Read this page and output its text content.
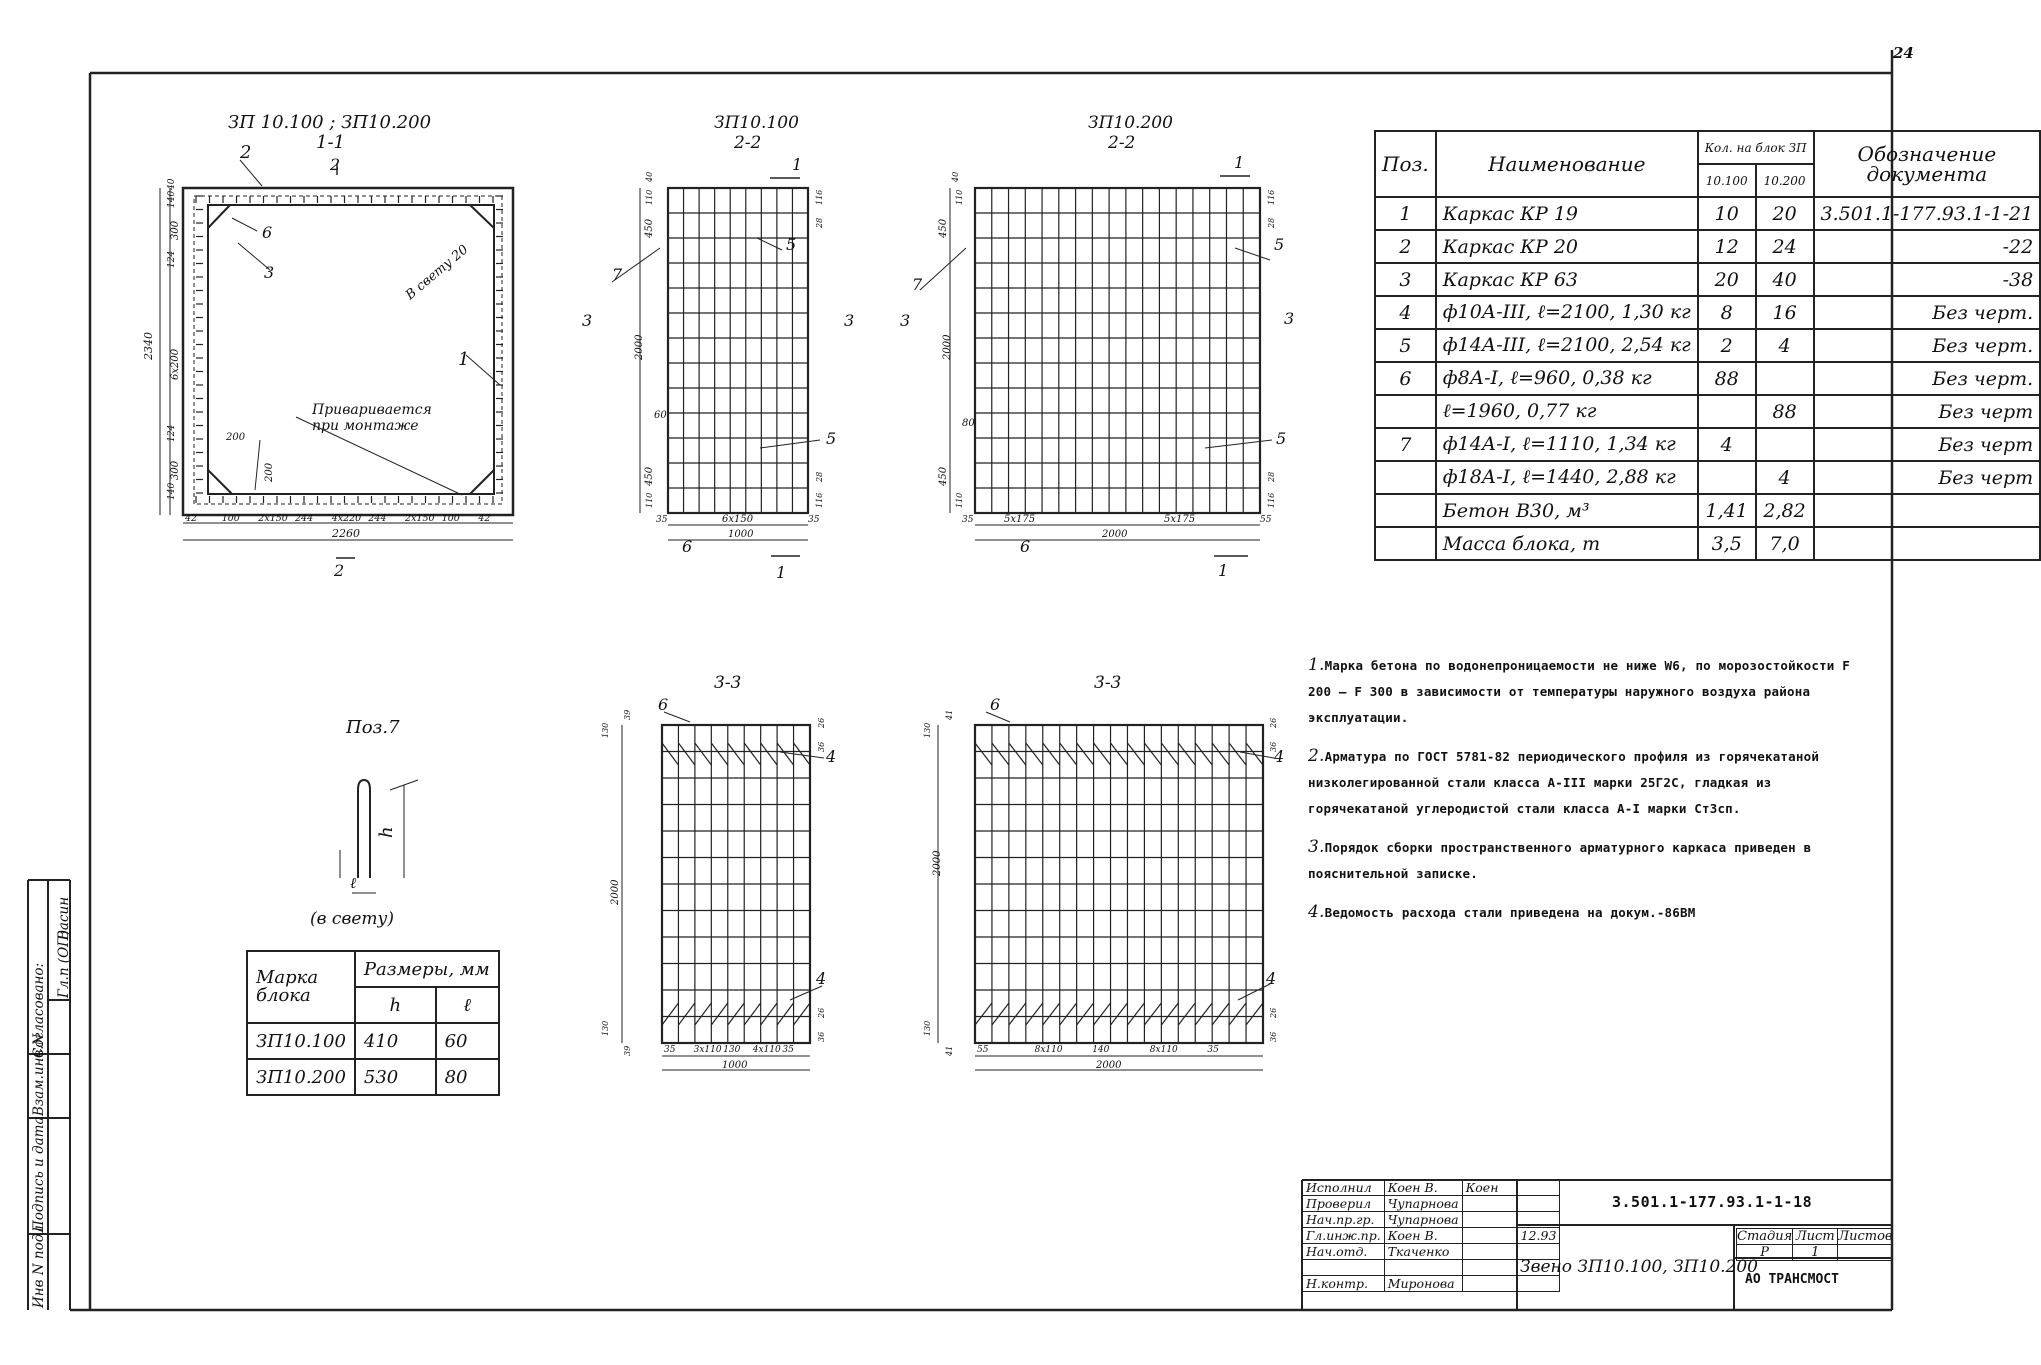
24
ЗП 10.100 ; ЗП10.200
1-1
2
2
6
3
1
В свету 20
Приваривается
при монтаже
2260
2340
6х200
300
300
200
200
2
42	100 2х150 244 4х220 244 2х150 100 42
40
140
124
124
140
ЗП10.100
2-2
450
2000
450
6х150
1000
35	35
60
7
5
5
6
1
1
3	3
116
28
28
116
40
110
110
ЗП10.200
2-2
450
2000
450
5х175	5х175
2000
35	55
80
7
5
5
6
1
1
3	3
116
28
28
116
40
110
110
3-3
2000
1000
130
130
39
39
26
36
26
36
6
4
4
35 3х110 130 4х110 35
3-3
2000
2000
130
130
41
41
26
36
26
36
6
4
4
55	8х110	140	8х110	35
Поз.7
h
ℓ
(в свету)
Поз.	Наименование	Кол. на блок ЗП		Обозначение документа
		10.100	10.200	
1	Каркас КР 19	10	20	3.501.1-177.93.1-1-21
2	Каркас КР 20	12	24	-22
3	Каркас КР 63	20	40	-38
4	ф10А-III, ℓ=2100, 1,30 кг	8	16	Без черт.
5	ф14А-III, ℓ=2100, 2,54 кг	2	4	Без черт.
6	ф8А-I, ℓ=960, 0,38 кг	88		Без черт.
	ℓ=1960, 0,77 кг		88	Без черт
7	ф14А-I, ℓ=1110, 1,34 кг	4		Без черт
	ф18А-I, ℓ=1440, 2,88 кг		4	Без черт
	Бетон В30, м³	1,41	2,82	
	Масса блока, т	3,5	7,0	

1.Марка бетона по водонепроницаемости не ниже W6, по морозостойкости F 200 – F 300 в зависимости от температуры наружного воздуха района эксплуатации.

2.Арматура по ГОСТ 5781-82 периодического профиля из горячекатаной низколегированной стали класса А-III марки 25Г2С, гладкая из горячекатаной углеродистой стали класса А-I марки Ст3сп.

3.Порядок сборки пространственного арматурного каркаса приведен в пояснительной записке.

4.Ведомость расхода стали приведена на докум.-86ВМ

Марка блока	Размеры, мм	
	h	ℓ
ЗП10.100	410	60
ЗП10.200	530	80
Исполнил	Коен В.	Коен	
Проверил	Чупарнова		
Нач.пр.гр.	Чупарнова		
Гл.инж.пр.	Коен В.		12.93
Нач.отд.	Ткаченко		

Н.контр.	Миронова		
3.501.1-177.93.1-1-18
Звено ЗП10.100, ЗП10.200
Стадия	Лист	Листов
Р	1	
АО ТРАНСМОСТ
Согласовано: Гл.п (ОП)
Васин
Взам.инв.N
Подпись и дата
Инв N подл
